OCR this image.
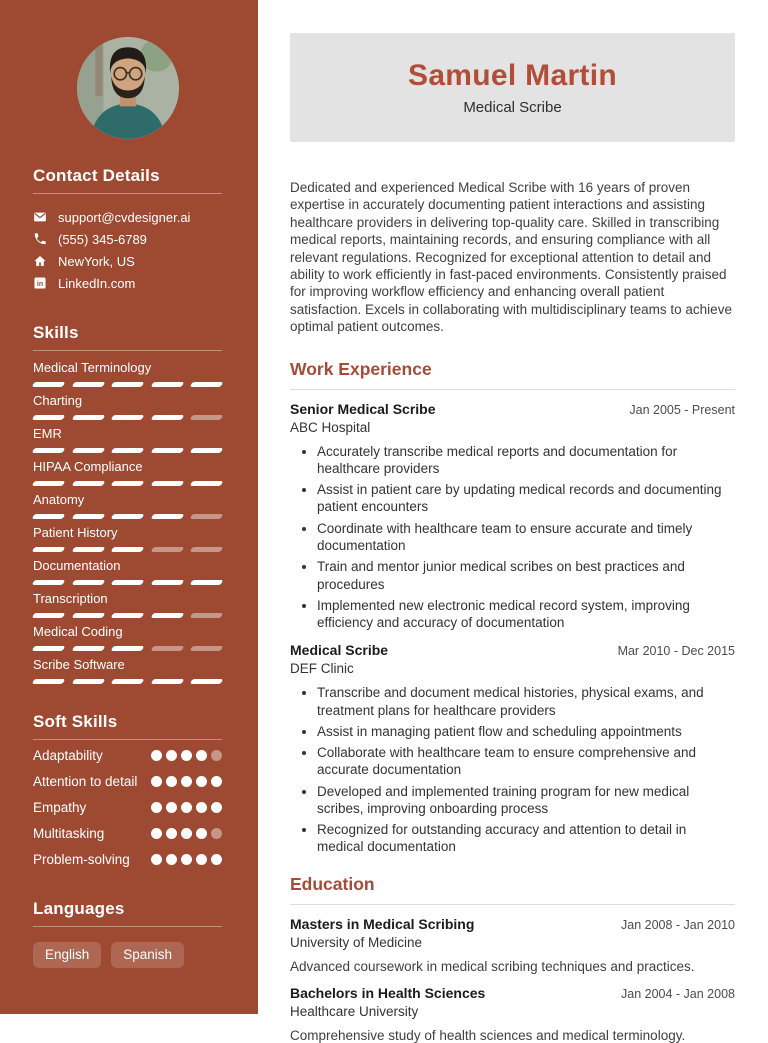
Contact Details
support@cvdesigner.ai
(555) 345-6789
NewYork, US
in LinkedIn.com
Skills
Medical Terminology
Charting
EMR
HIPAA Compliance
Anatomy
Patient History
Documentation
Transcription
Medical Coding
Scribe Software
Soft Skills
Adaptability
Attention to detail
Empathy
Multitasking
Problem-solving
Languages
English	Spanish
Samuel Martin
Medical Scribe

Dedicated and experienced Medical Scribe with 16 years of proven expertise in accurately documenting patient interactions and assisting healthcare providers in delivering top-quality care. Skilled in transcribing medical reports, maintaining records, and ensuring compliance with all relevant regulations. Recognized for exceptional attention to detail and ability to work efficiently in fast-paced environments. Consistently praised for improving workflow efficiency and enhancing overall patient satisfaction. Excels in collaborating with multidisciplinary teams to achieve optimal patient outcomes.

Work Experience
Senior Medical Scribe	Jan 2005 - Present
ABC Hospital
• Accurately transcribe medical reports and documentation for healthcare providers
• Assist in patient care by updating medical records and documenting patient encounters
• Coordinate with healthcare team to ensure accurate and timely documentation
• Train and mentor junior medical scribes on best practices and procedures
• Implemented new electronic medical record system, improving efficiency and accuracy of documentation
Medical Scribe	Mar 2010 - Dec 2015
DEF Clinic
• Transcribe and document medical histories, physical exams, and treatment plans for healthcare providers
• Assist in managing patient flow and scheduling appointments
• Collaborate with healthcare team to ensure comprehensive and accurate documentation
• Developed and implemented training program for new medical scribes, improving onboarding process
• Recognized for outstanding accuracy and attention to detail in medical documentation
Education
Masters in Medical Scribing	Jan 2008 - Jan 2010
University of Medicine
Advanced coursework in medical scribing techniques and practices.
Bachelors in Health Sciences	Jan 2004 - Jan 2008
Healthcare University
Comprehensive study of health sciences and medical terminology.
